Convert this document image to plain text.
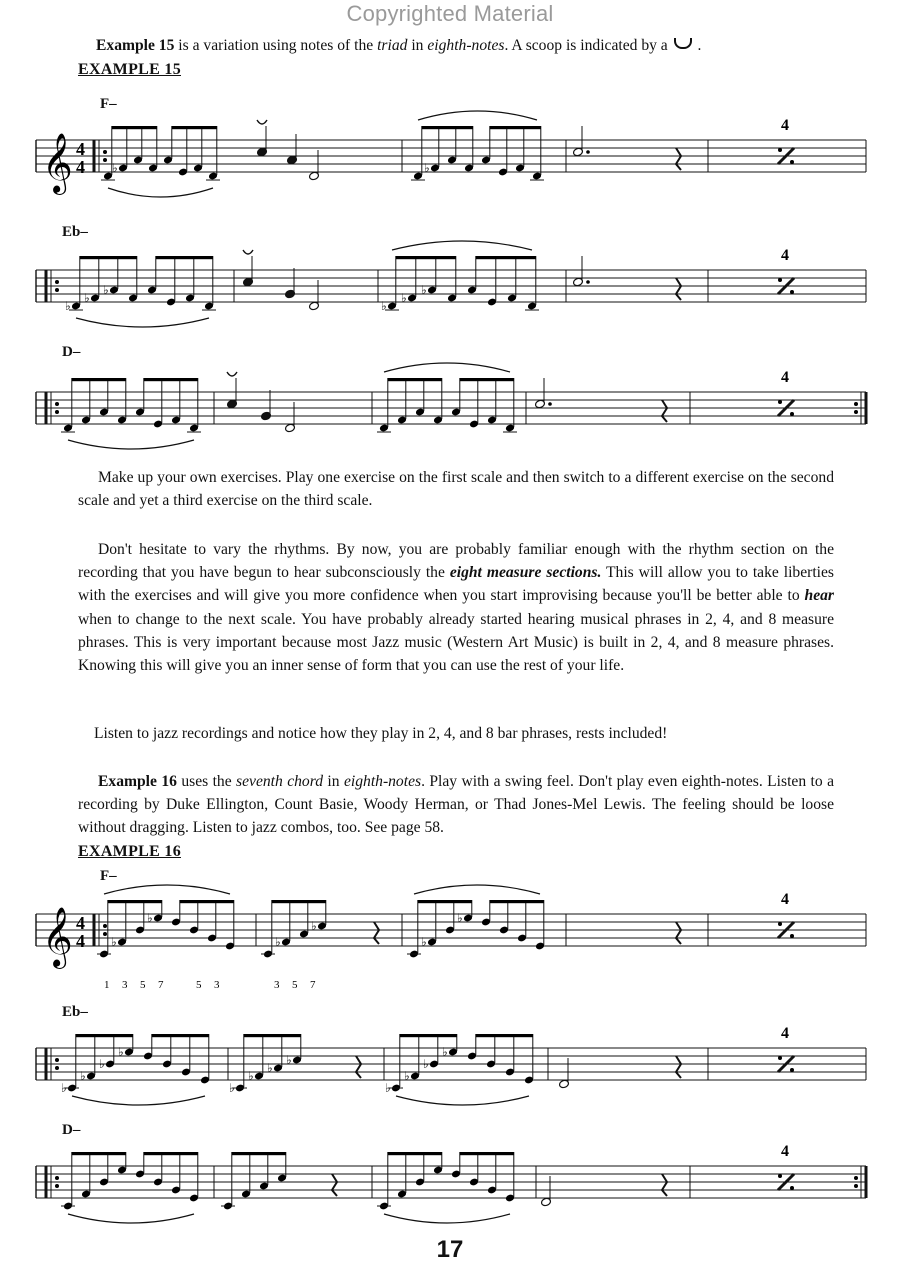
Copyrighted Material

Example 15 is a variation using notes of the triad in eighth-notes. A scoop is indicated by a  .

EXAMPLE 15
F–
𝄞 4
4 ♭	♭
4
Eb–
♭
♭
♭
♭
♭
♭
4
D–
4

Make up your own exercises. Play one exercise on the first scale and then switch to a different exercise on the second scale and yet a third exercise on the third scale.

Don't hesitate to vary the rhythms. By now, you are probably familiar enough with the rhythm section on the recording that you have begun to hear subconsciously the eight measure sections. This will allow you to take liberties with the exercises and will give you more confidence when you start improvising because you'll be better able to hear when to change to the next scale. You have probably already started hearing musical phrases in 2, 4, and 8 measure phrases. This is very important because most Jazz music (Western Art Music) is built in 2, 4, and 8 measure phrases. Knowing this will give you an inner sense of form that you can use the rest of your life.

Listen to jazz recordings and notice how they play in 2, 4, and 8 bar phrases, rests included!

Example 16 uses the seventh chord in eighth-notes. Play with a swing feel. Don't play even eighth-notes. Listen to a recording by Duke Ellington, Count Basie, Woody Herman, or Thad Jones-Mel Lewis. The feeling should be loose without dragging. Listen to jazz combos, too. See page 58.

EXAMPLE 16
F–
𝄞 4
4 ♭
♭
♭
♭
♭
♭
4
1 3 5 7	5 3	3 5 7
Eb–
♭
♭
♭
♭
♭
♭
♭
♭
♭
♭
♭
♭
4
D–
4
17
